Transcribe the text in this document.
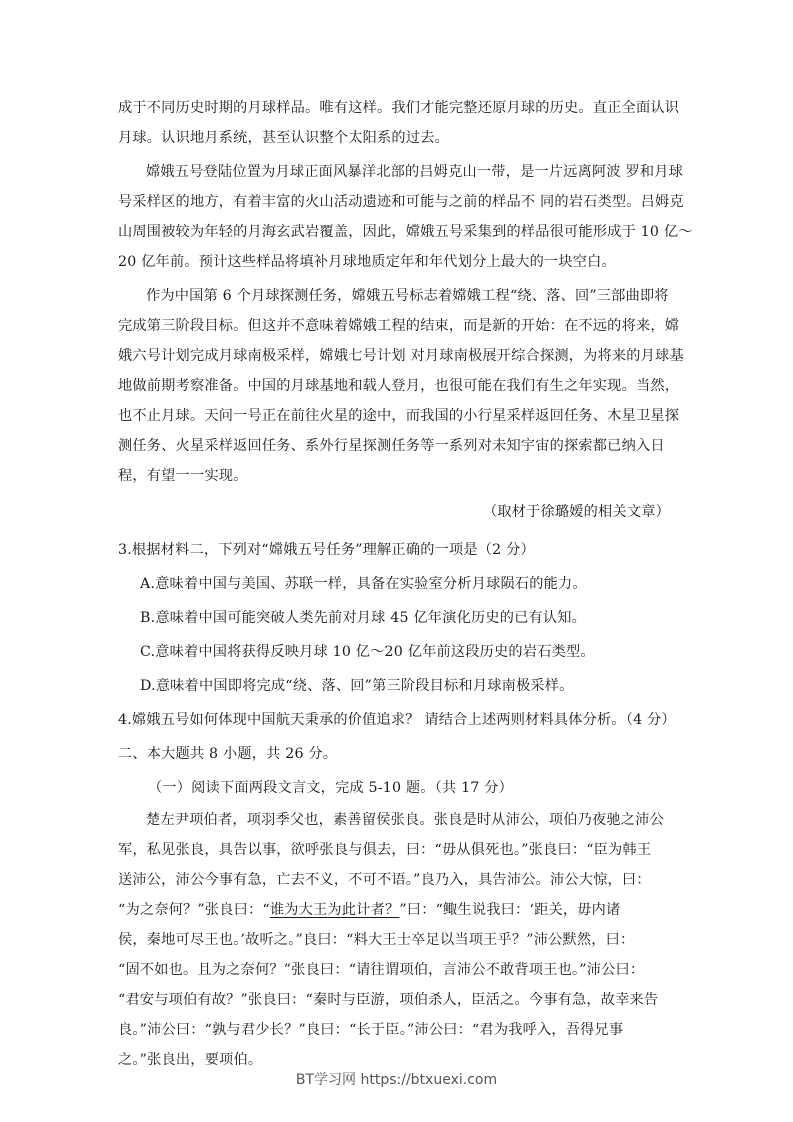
成于不同历史时期的月球样品。唯有这样。我们才能完整还原月球的历史。直正全面认识
月球。认识地月系统，甚至认识整个太阳系的过去。
嫦娥五号登陆位置为月球正面风暴洋北部的吕姆克山一带，是一片远离阿波 罗和月球
号采样区的地方，有着丰富的火山活动遗迹和可能与之前的样品不 同的岩石类型。吕姆克
山周围被较为年轻的月海玄武岩覆盖，因此，嫦娥五号采集到的样品很可能形成于 10 亿～
20 亿年前。预计这些样品将填补月球地质定年和年代划分上最大的一块空白。
作为中国第 6 个月球探测任务，嫦娥五号标志着嫦娥工程“绕、落、回”三部曲即将
完成第三阶段目标。但这并不意味着嫦娥工程的结束，而是新的开始：在不远的将来，嫦
娥六号计划完成月球南极采样，嫦娥七号计划 对月球南极展开综合探测，为将来的月球基
地做前期考察准备。中国的月球基地和载人登月，也很可能在我们有生之年实现。当然，
也不止月球。天问一号正在前往火星的途中，而我国的小行星采样返回任务、木星卫星探
测任务、火星采样返回任务、系外行星探测任务等一系列对未知宇宙的探索都已纳入日
程，有望一一实现。
（取材于徐璐嫒的相关文章）
3.根据材料二，下列对“嫦娥五号任务”理解正确的一项是（2 分）
A.意味着中国与美国、苏联一样，具备在实验室分析月球陨石的能力。
B.意味着中国可能突破人类先前对月球 45 亿年演化历史的已有认知。
C.意味着中国将获得反映月球 10 亿～20 亿年前这段历史的岩石类型。
D.意味着中国即将完成“绕、落、回”第三阶段目标和月球南极采样。
4.嫦娥五号如何体现中国航天秉承的价值追求？ 请结合上述两则材料具体分析。（4 分）
二、本大题共 8 小题，共 26 分。
（一）阅读下面两段文言文，完成 5-10 题。（共 17 分）
楚左尹项伯者，项羽季父也，素善留侯张良。张良是时从沛公，项伯乃夜驰之沛公
军，私见张良，具告以事，欲呼张良与俱去，曰：“毋从俱死也。”张良曰：“臣为韩王
送沛公，沛公今事有急，亡去不义，不可不语。”良乃入，具告沛公。沛公大惊，曰：
“为之奈何？”张良曰：“谁为大王为此计者？”曰：“鲰生说我曰：‘距关，毋内诸
侯，秦地可尽王也。’故听之。”良曰：“料大王士卒足以当项王乎？”沛公默然，曰：
“固不如也。且为之奈何？”张良曰：“请往谓项伯，言沛公不敢背项王也。”沛公曰：
“君安与项伯有故？”张良曰：“秦时与臣游，项伯杀人，臣活之。今事有急，故幸来告
良。”沛公曰：“孰与君少长？”良曰：“长于臣。”沛公曰：“君为我呼入，吾得兄事
之。”张良出，要项伯。
BT学习网 https://btxuexi.com
